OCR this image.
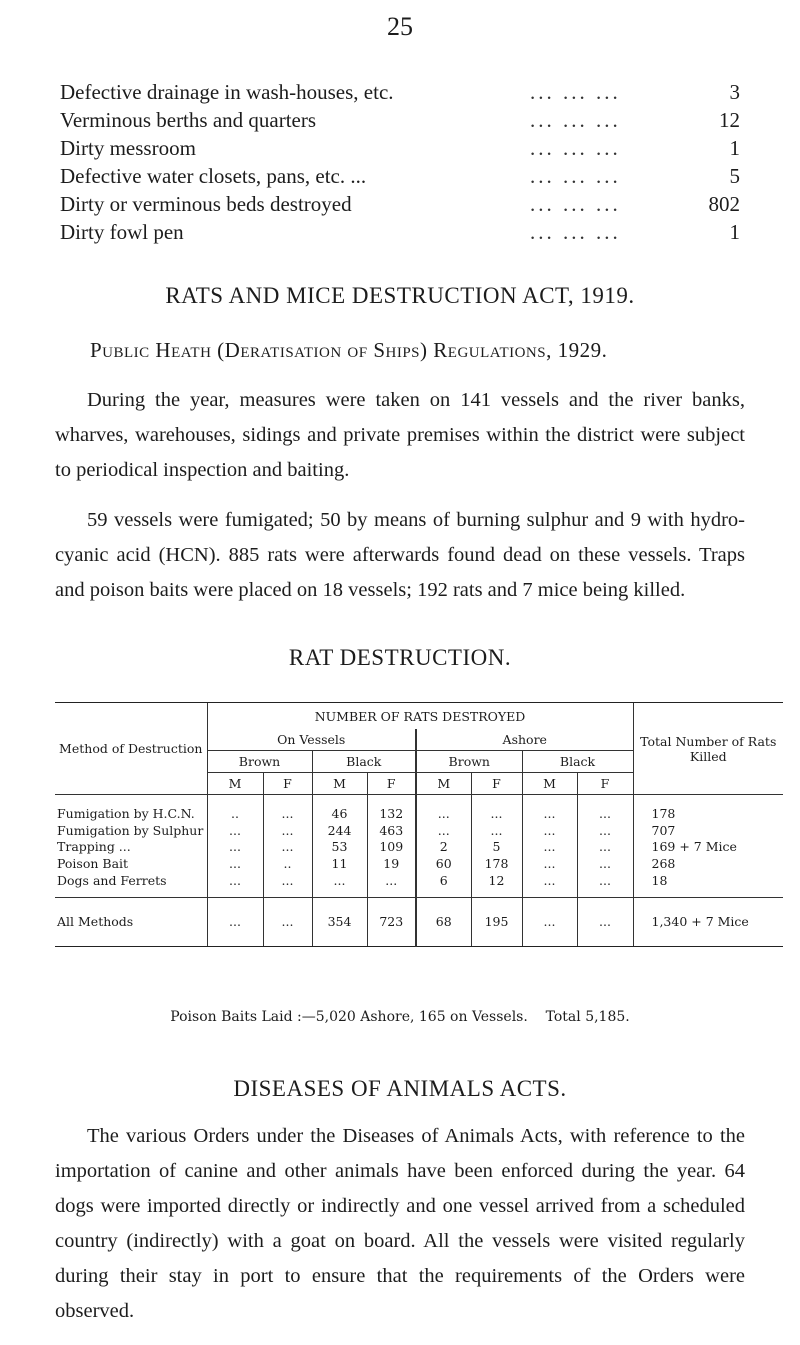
25
Defective drainage in wash-houses, etc.	... ... ...	3
Verminous berths and quarters	... ... ...	12
Dirty messroom	... ... ...	1
Defective water closets, pans, etc. ...	... ... ...	5
Dirty or verminous beds destroyed	... ... ...	802
Dirty fowl pen	... ... ...	1
RATS AND MICE DESTRUCTION ACT, 1919.
Public Heath (Deratisation of Ships) Regulations, 1929.

During the year, measures were taken on 141 vessels and the river banks, wharves, warehouses, sidings and private premises within the district were subject to periodical inspection and baiting.

59 vessels were fumigated; 50 by means of burning sulphur and 9 with hydro-cyanic acid (HCN). 885 rats were afterwards found dead on these vessels. Traps and poison baits were placed on 18 vessels; 192 rats and 7 mice being killed.

RAT DESTRUCTION.
Method of Destruction	NUMBER OF RATS DESTROYED								Total Number of Rats Killed
	On Vessels				Ashore				
	Brown		Black		Brown		Black		
	M	F	M	F	M	F	M	F	
Fumigation by H.C.N.	..	...	46	132	...	...	...	...	178
Fumigation by Sulphur	...	...	244	463	...	...	...	...	707
Trapping ...	...	...	53	109	2	5	...	...	169 + 7 Mice
Poison Bait	...	..	11	19	60	178	...	...	268
Dogs and Ferrets	...	...	...	...	6	12	...	...	18
All Methods	...	...	354	723	68	195	...	...	1,340 + 7 Mice
Poison Baits Laid :—5,020 Ashore, 165 on Vessels.    Total 5,185.
DISEASES OF ANIMALS ACTS.

The various Orders under the Diseases of Animals Acts, with reference to the importation of canine and other animals have been enforced during the year. 64 dogs were imported directly or indirectly and one vessel arrived from a scheduled country (indirectly) with a goat on board. All the vessels were visited regularly during their stay in port to ensure that the requirements of the Orders were observed.
